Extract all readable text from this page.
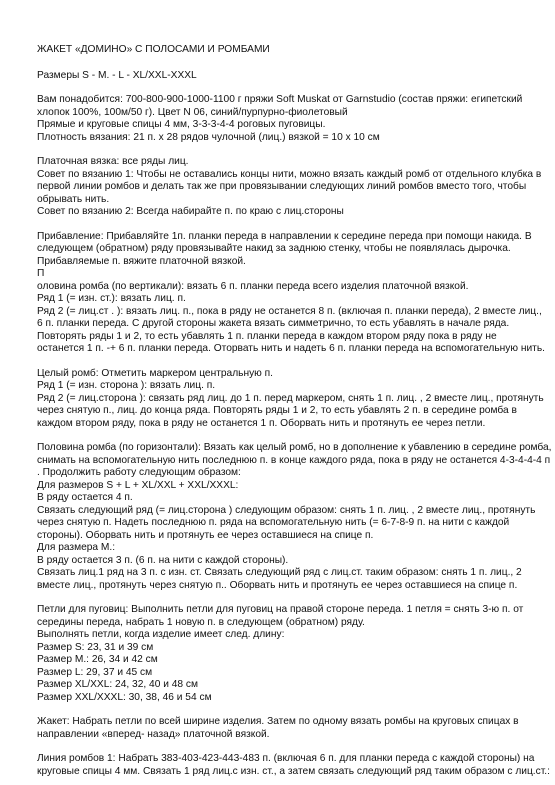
ЖАКЕТ «ДОМИНО» С ПОЛОСАМИ И РОМБАМИ
Размеры S - M. - L - XL/XXL-XXXL
Вам понадобится: 700-800-900-1000-1100 г пряжи Soft Muskat от Garnstudio (состав пряжи: египетский
хлопок 100%, 100м/50 г). Цвет N 06, синий/пурпурно-фиолетовый
Прямые и круговые спицы 4 мм, 3-3-3-4-4 роговых пуговицы.
Плотность вязания: 21 п. х 28 рядов чулочной (лиц.) вязкой = 10 х 10 см
Платочная вязка: все ряды лиц.
Совет по вязанию 1: Чтобы не оставались концы нити, можно вязать каждый ромб от отдельного клубка в
первой линии ромбов и делать так же при провязывании следующих линий ромбов вместо того, чтобы
обрывать нить.
Совет по вязанию 2: Всегда набирайте п. по краю с лиц.стороны
Прибавление: Прибавляйте 1п. планки переда в направлении к середине переда при помощи накида. В
следующем (обратном) ряду провязывайте накид за заднюю стенку, чтобы не появлялась дырочка.
Прибавляемые п. вяжите платочной вязкой.
П
оловина ромба (по вертикали): вязать 6 п. планки переда всего изделия платочной вязкой.
Ряд 1 (= изн. ст.): вязать лиц. п.
Ряд 2 (= лиц.ст . ): вязать лиц. п., пока в ряду не останется 8 п. (включая п. планки переда), 2 вместе лиц.,
6 п. планки переда. С другой стороны жакета вязать симметрично, то есть убавлять в начале ряда.
Повторять ряды 1 и 2, то есть убавлять 1 п. планки переда в каждом втором ряду пока в ряду не
останется 1 п. -+ 6 п. планки переда. Оторвать нить и надеть 6 п. планки переда на вспомогательную нить.
Целый ромб: Отметить маркером центральную п.
Ряд 1 (= изн. сторона ): вязать лиц. п.
Ряд 2 (= лиц.сторона ): связать ряд лиц. до 1 п. перед маркером, снять 1 п. лиц. , 2 вместе лиц., протянуть
через снятую п., лиц. до конца ряда. Повторять ряды 1 и 2, то есть убавлять 2 п. в середине ромба в
каждом втором ряду, пока в ряду не останется 1 п. Оборвать нить и протянуть ее через петли.
Половина ромба (по горизонтали): Вязать как целый ромб, но в дополнение к убавлению в середине ромба,
снимать на вспомогательную нить последнюю п. в конце каждого ряда, пока в ряду не останется 4-3-4-4-4 п
. Продолжить работу следующим образом:
Для размеров S + L + XL/XXL + XXL/XXXL:
В ряду остается 4 п.
Связать следующий ряд (= лиц.сторона ) следующим образом: снять 1 п. лиц. , 2 вместе лиц., протянуть
через снятую п. Надеть последнюю п. ряда на вспомогательную нить (= 6-7-8-9 п. на нити с каждой
стороны). Оборвать нить и протянуть ее через оставшиеся на спице п.
Для размера M.:
В ряду остается 3 п. (6 п. на нити с каждой стороны).
Связать лиц.1 ряд на 3 п. с изн. ст. Связать следующий ряд с лиц.ст. таким образом: снять 1 п. лиц., 2
вместе лиц., протянуть через снятую п.. Оборвать нить и протянуть ее через оставшиеся на спице п.
Петли для пуговиц: Выполнить петли для пуговиц на правой стороне переда. 1 петля = снять 3-ю п. от
середины переда, набрать 1 новую п. в следующем (обратном) ряду.
Выполнять петли, когда изделие имеет след. длину:
Размер S: 23, 31 и 39 см
Размер M.: 26, 34 и 42 см
Размер L: 29, 37 и 45 см
Размер XL/XXL: 24, 32, 40 и 48 см
Размер XXL/XXXL: 30, 38, 46 и 54 см
Жакет: Набрать петли по всей ширине изделия. Затем по одному вязать ромбы на круговых спицах в
направлении «вперед- назад» платочной вязкой.
Линия ромбов 1: Набрать 383-403-423-443-483 п. (включая 6 п. для планки переда с каждой стороны) на
круговые спицы 4 мм. Связать 1 ряд лиц.с изн. ст., а затем связать следующий ряд таким образом с лиц.ст.:
